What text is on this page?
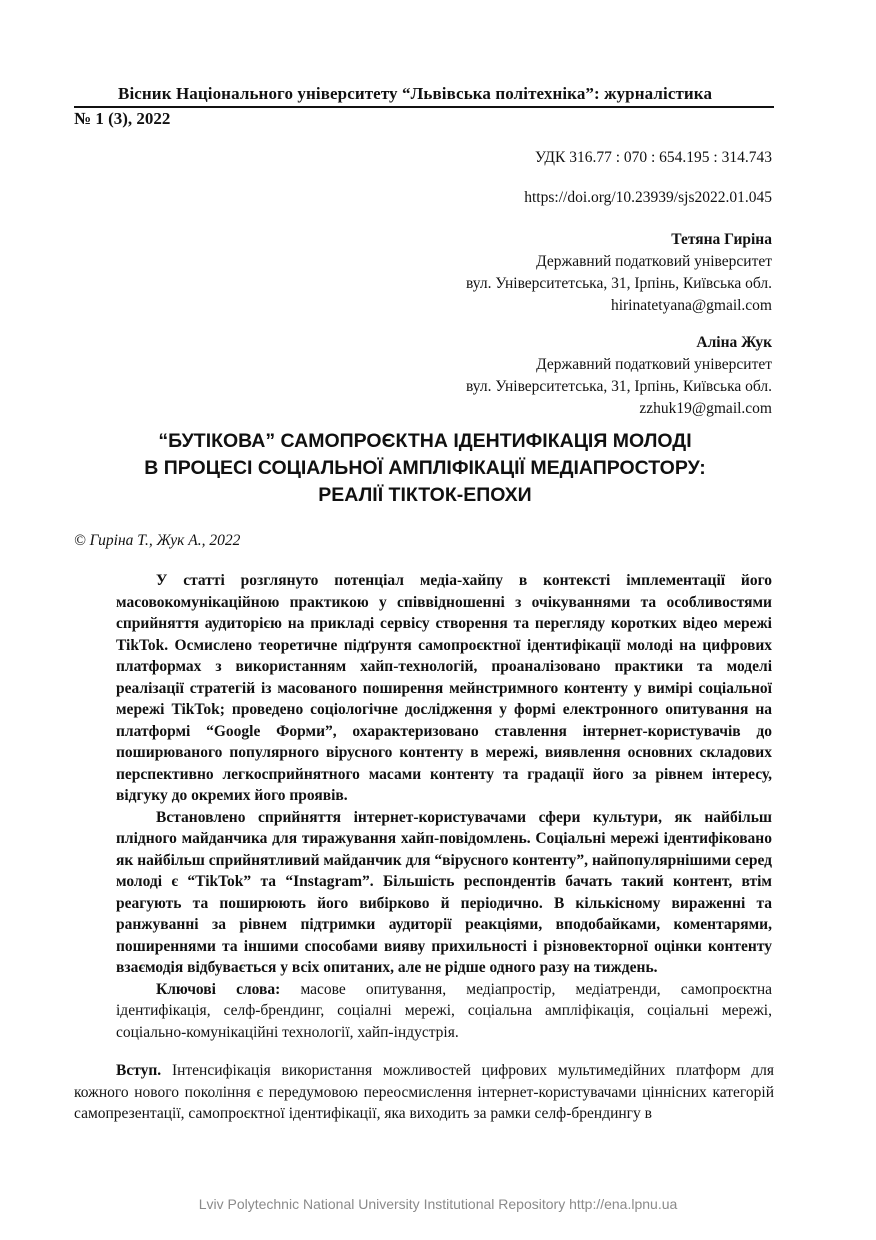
Вісник Національного університету “Львівська політехніка”: журналістика
№ 1 (3), 2022
УДК 316.77 : 070 : 654.195 : 314.743
https://doi.org/10.23939/sjs2022.01.045
Тетяна Гиріна
Державний податковий університет
вул. Університетська, 31, Ірпінь, Київська обл.
hirinatetyana@gmail.com
Аліна Жук
Державний податковий університет
вул. Університетська, 31, Ірпінь, Київська обл.
zzhuk19@gmail.com
“БУТІКОВА” САМОПРОЄКТНА ІДЕНТИФІКАЦІЯ МОЛОДІ
В ПРОЦЕСІ СОЦІАЛЬНОЇ АМПЛІФІКАЦІЇ МЕДІАПРОСТОРУ:
РЕАЛІЇ ТІКТОК-ЕПОХИ
© Гиріна Т., Жук А., 2022

У статті розглянуто потенціал медіа-хайпу в контексті імплементації його масовокомунікаційною практикою у співвідношенні з очікуваннями та особливостями сприйняття аудиторією на прикладі сервісу створення та перегляду коротких відео мережі TikTok. Осмислено теоретичне підґрунтя самопроєктної ідентифікації молоді на цифрових платформах з використанням хайп-технологій, проаналізовано практики та моделі реалізації стратегій із масованого поширення мейнстримного контенту у вимірі соціальної мережі TikTok; проведено соціологічне дослідження у формі електронного опитування на платформі “Google Форми”, охарактеризовано ставлення інтернет-користувачів до поширюваного популярного вірусного контенту в мережі, виявлення основних складових перспективно легкосприйнятного масами контенту та градації його за рівнем інтересу, відгуку до окремих його проявів.

Встановлено сприйняття інтернет-користувачами сфери культури, як найбільш плідного майданчика для тиражування хайп-повідомлень. Соціальні мережі ідентифіковано як найбільш сприйнятливий майданчик для “вірусного контенту”, найпопулярнішими серед молоді є “TikTok” та “Instagram”. Більшість респондентів бачать такий контент, втім реагують та поширюють його вибірково й періодично. В кількісному вираженні та ранжуванні за рівнем підтримки аудиторії реакціями, вподобайками, коментарями, поширеннями та іншими способами вияву прихильності і різновекторної оцінки контенту взаємодія відбувається у всіх опитаних, але не рідше одного разу на тиждень.

Ключові слова: масове опитування, медіапростір, медіатренди, самопроєктна ідентифікація, селф-брендинг, соціалні мережі, соціальна ампліфікація, соціальні мережі, соціально-комунікаційні технології, хайп-індустрія.

Вступ. Інтенсифікація використання можливостей цифрових мультимедійних платформ для кожного нового покоління є передумовою переосмислення інтернет-користувачами ціннісних категорій самопрезентації, самопроєктної ідентифікації, яка виходить за рамки селф-брендингу в

Lviv Polytechnic National University Institutional Repository http://ena.lpnu.ua
